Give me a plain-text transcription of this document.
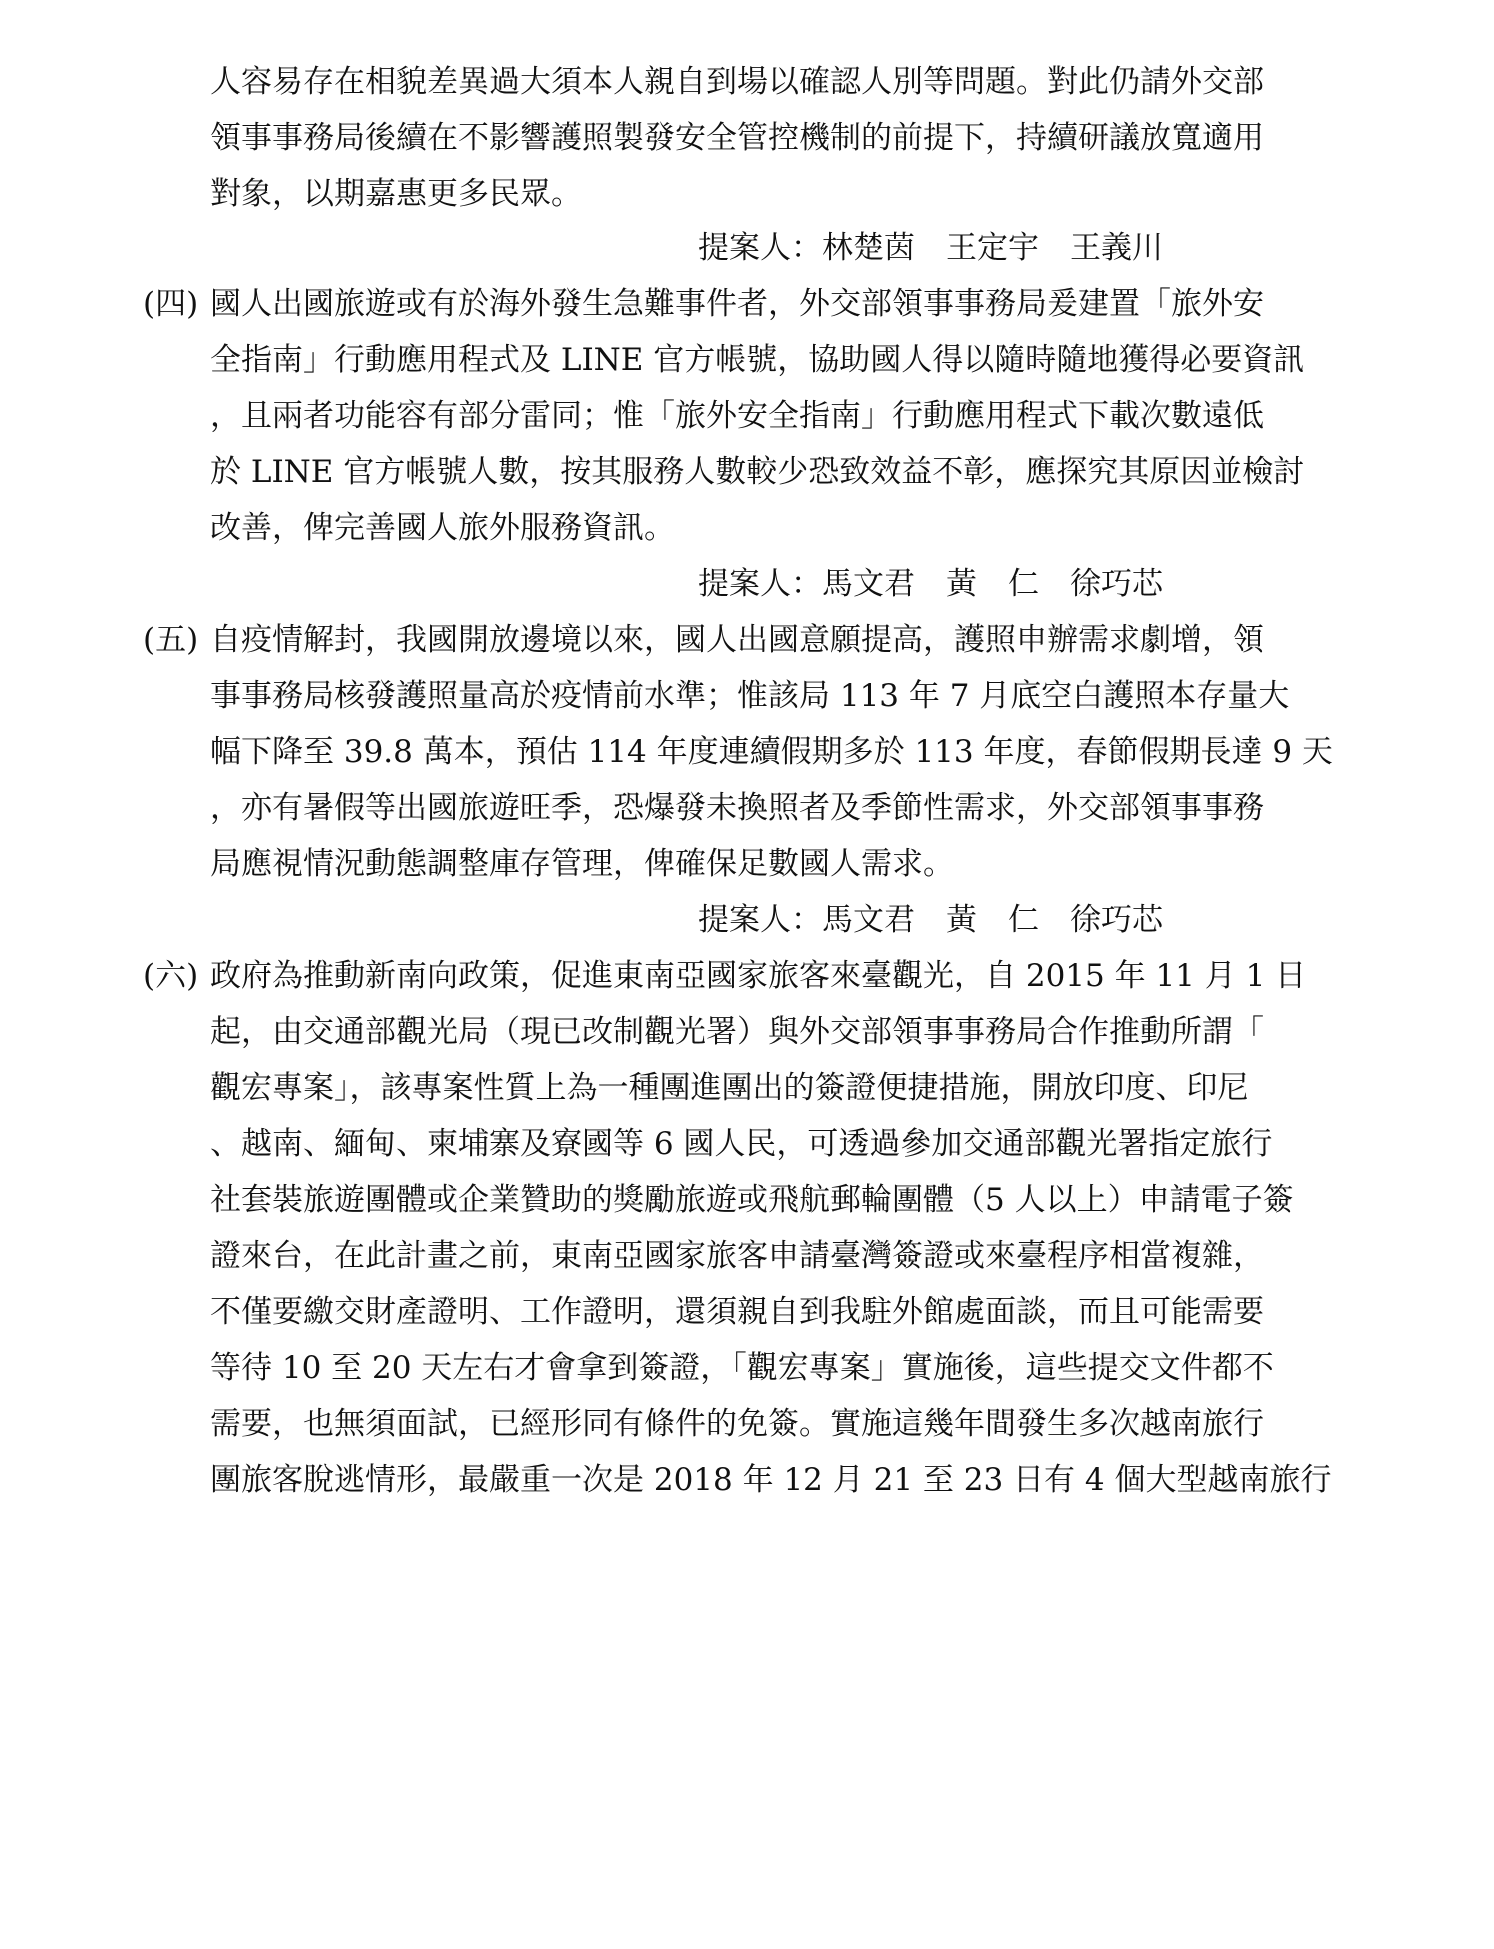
人容易存在相貌差異過大須本人親自到場以確認人別等問題。對此仍請外交部
領事事務局後續在不影響護照製發安全管控機制的前提下，持續研議放寬適用
對象，以期嘉惠更多民眾。
提案人：林楚茵　王定宇　王義川
(四) 國人出國旅遊或有於海外發生急難事件者，外交部領事事務局爰建置「旅外安
全指南」行動應用程式及 LINE 官方帳號，協助國人得以隨時隨地獲得必要資訊
，且兩者功能容有部分雷同；惟「旅外安全指南」行動應用程式下載次數遠低
於 LINE 官方帳號人數，按其服務人數較少恐致效益不彰，應探究其原因並檢討
改善，俾完善國人旅外服務資訊。
提案人：馬文君　黃　仁　徐巧芯
(五) 自疫情解封，我國開放邊境以來，國人出國意願提高，護照申辦需求劇增，領
事事務局核發護照量高於疫情前水準；惟該局 113 年 7 月底空白護照本存量大
幅下降至 39.8 萬本，預估 114 年度連續假期多於 113 年度，春節假期長達 9 天
，亦有暑假等出國旅遊旺季，恐爆發未換照者及季節性需求，外交部領事事務
局應視情況動態調整庫存管理，俾確保足數國人需求。
提案人：馬文君　黃　仁　徐巧芯
(六) 政府為推動新南向政策，促進東南亞國家旅客來臺觀光，自 2015 年 11 月 1 日
起，由交通部觀光局（現已改制觀光署）與外交部領事事務局合作推動所謂「
觀宏專案」，該專案性質上為一種團進團出的簽證便捷措施，開放印度、印尼
、越南、緬甸、柬埔寨及寮國等 6 國人民，可透過參加交通部觀光署指定旅行
社套裝旅遊團體或企業贊助的獎勵旅遊或飛航郵輪團體（5 人以上）申請電子簽
證來台，在此計畫之前，東南亞國家旅客申請臺灣簽證或來臺程序相當複雜，
不僅要繳交財產證明、工作證明，還須親自到我駐外館處面談，而且可能需要
等待 10 至 20 天左右才會拿到簽證，「觀宏專案」實施後，這些提交文件都不
需要，也無須面試，已經形同有條件的免簽。實施這幾年間發生多次越南旅行
團旅客脫逃情形，最嚴重一次是 2018 年 12 月 21 至 23 日有 4 個大型越南旅行
